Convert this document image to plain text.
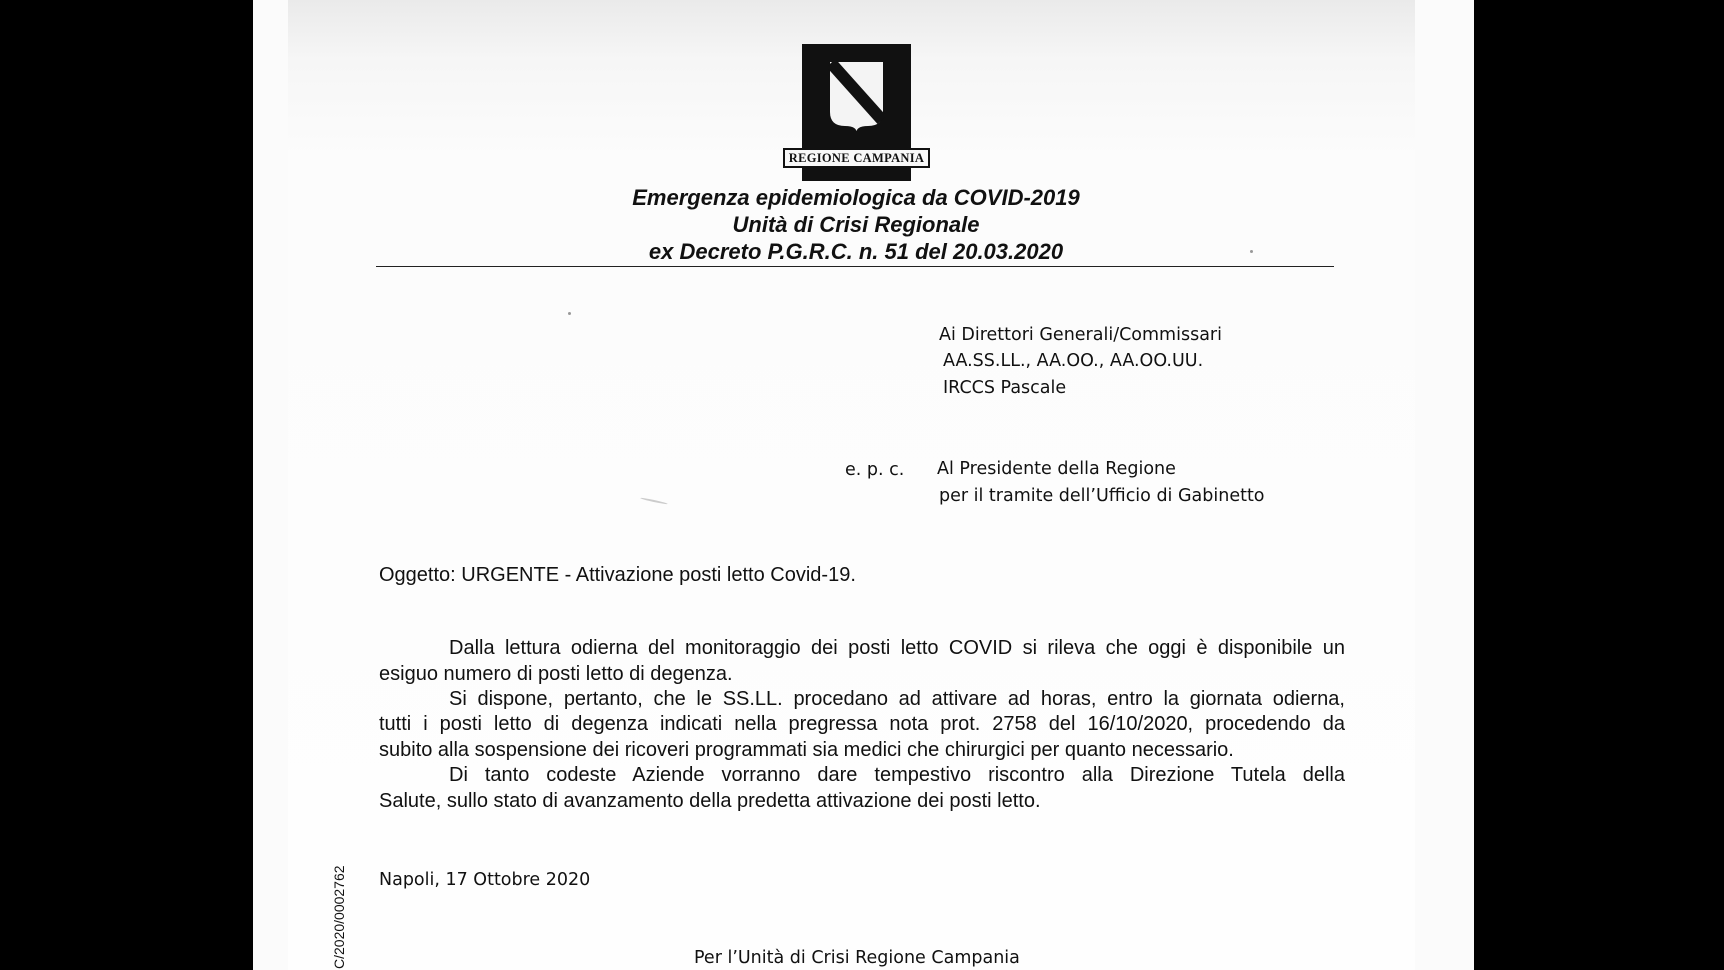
REGIONE CAMPANIA
Emergenza epidemiologica da COVID-2019
Unità di Crisi Regionale
ex Decreto P.G.R.C. n. 51 del 20.03.2020
Ai Direttori Generali/Commissari
AA.SS.LL., AA.OO., AA.OO.UU.
IRCCS Pascale
e. p. c. Al Presidente della Regione
per il tramite dell’Ufficio di Gabinetto
Oggetto: URGENTE - Attivazione posti letto Covid-19.
Dalla lettura odierna del monitoraggio dei posti letto COVID si rileva che oggi è disponibile un
esiguo numero di posti letto di degenza.
Si dispone, pertanto, che le SS.LL. procedano ad attivare ad horas, entro la giornata odierna,
tutti i posti letto di degenza indicati nella pregressa nota prot. 2758 del 16/10/2020, procedendo da
subito alla sospensione dei ricoveri programmati sia medici che chirurgici per quanto necessario.
Di tanto codeste Aziende vorranno dare tempestivo riscontro alla Direzione Tutela della
Salute, sullo stato di avanzamento della predetta attivazione dei posti letto.
Napoli, 17 Ottobre 2020
Per l’Unità di Crisi Regione Campania
C/2020/0002762
